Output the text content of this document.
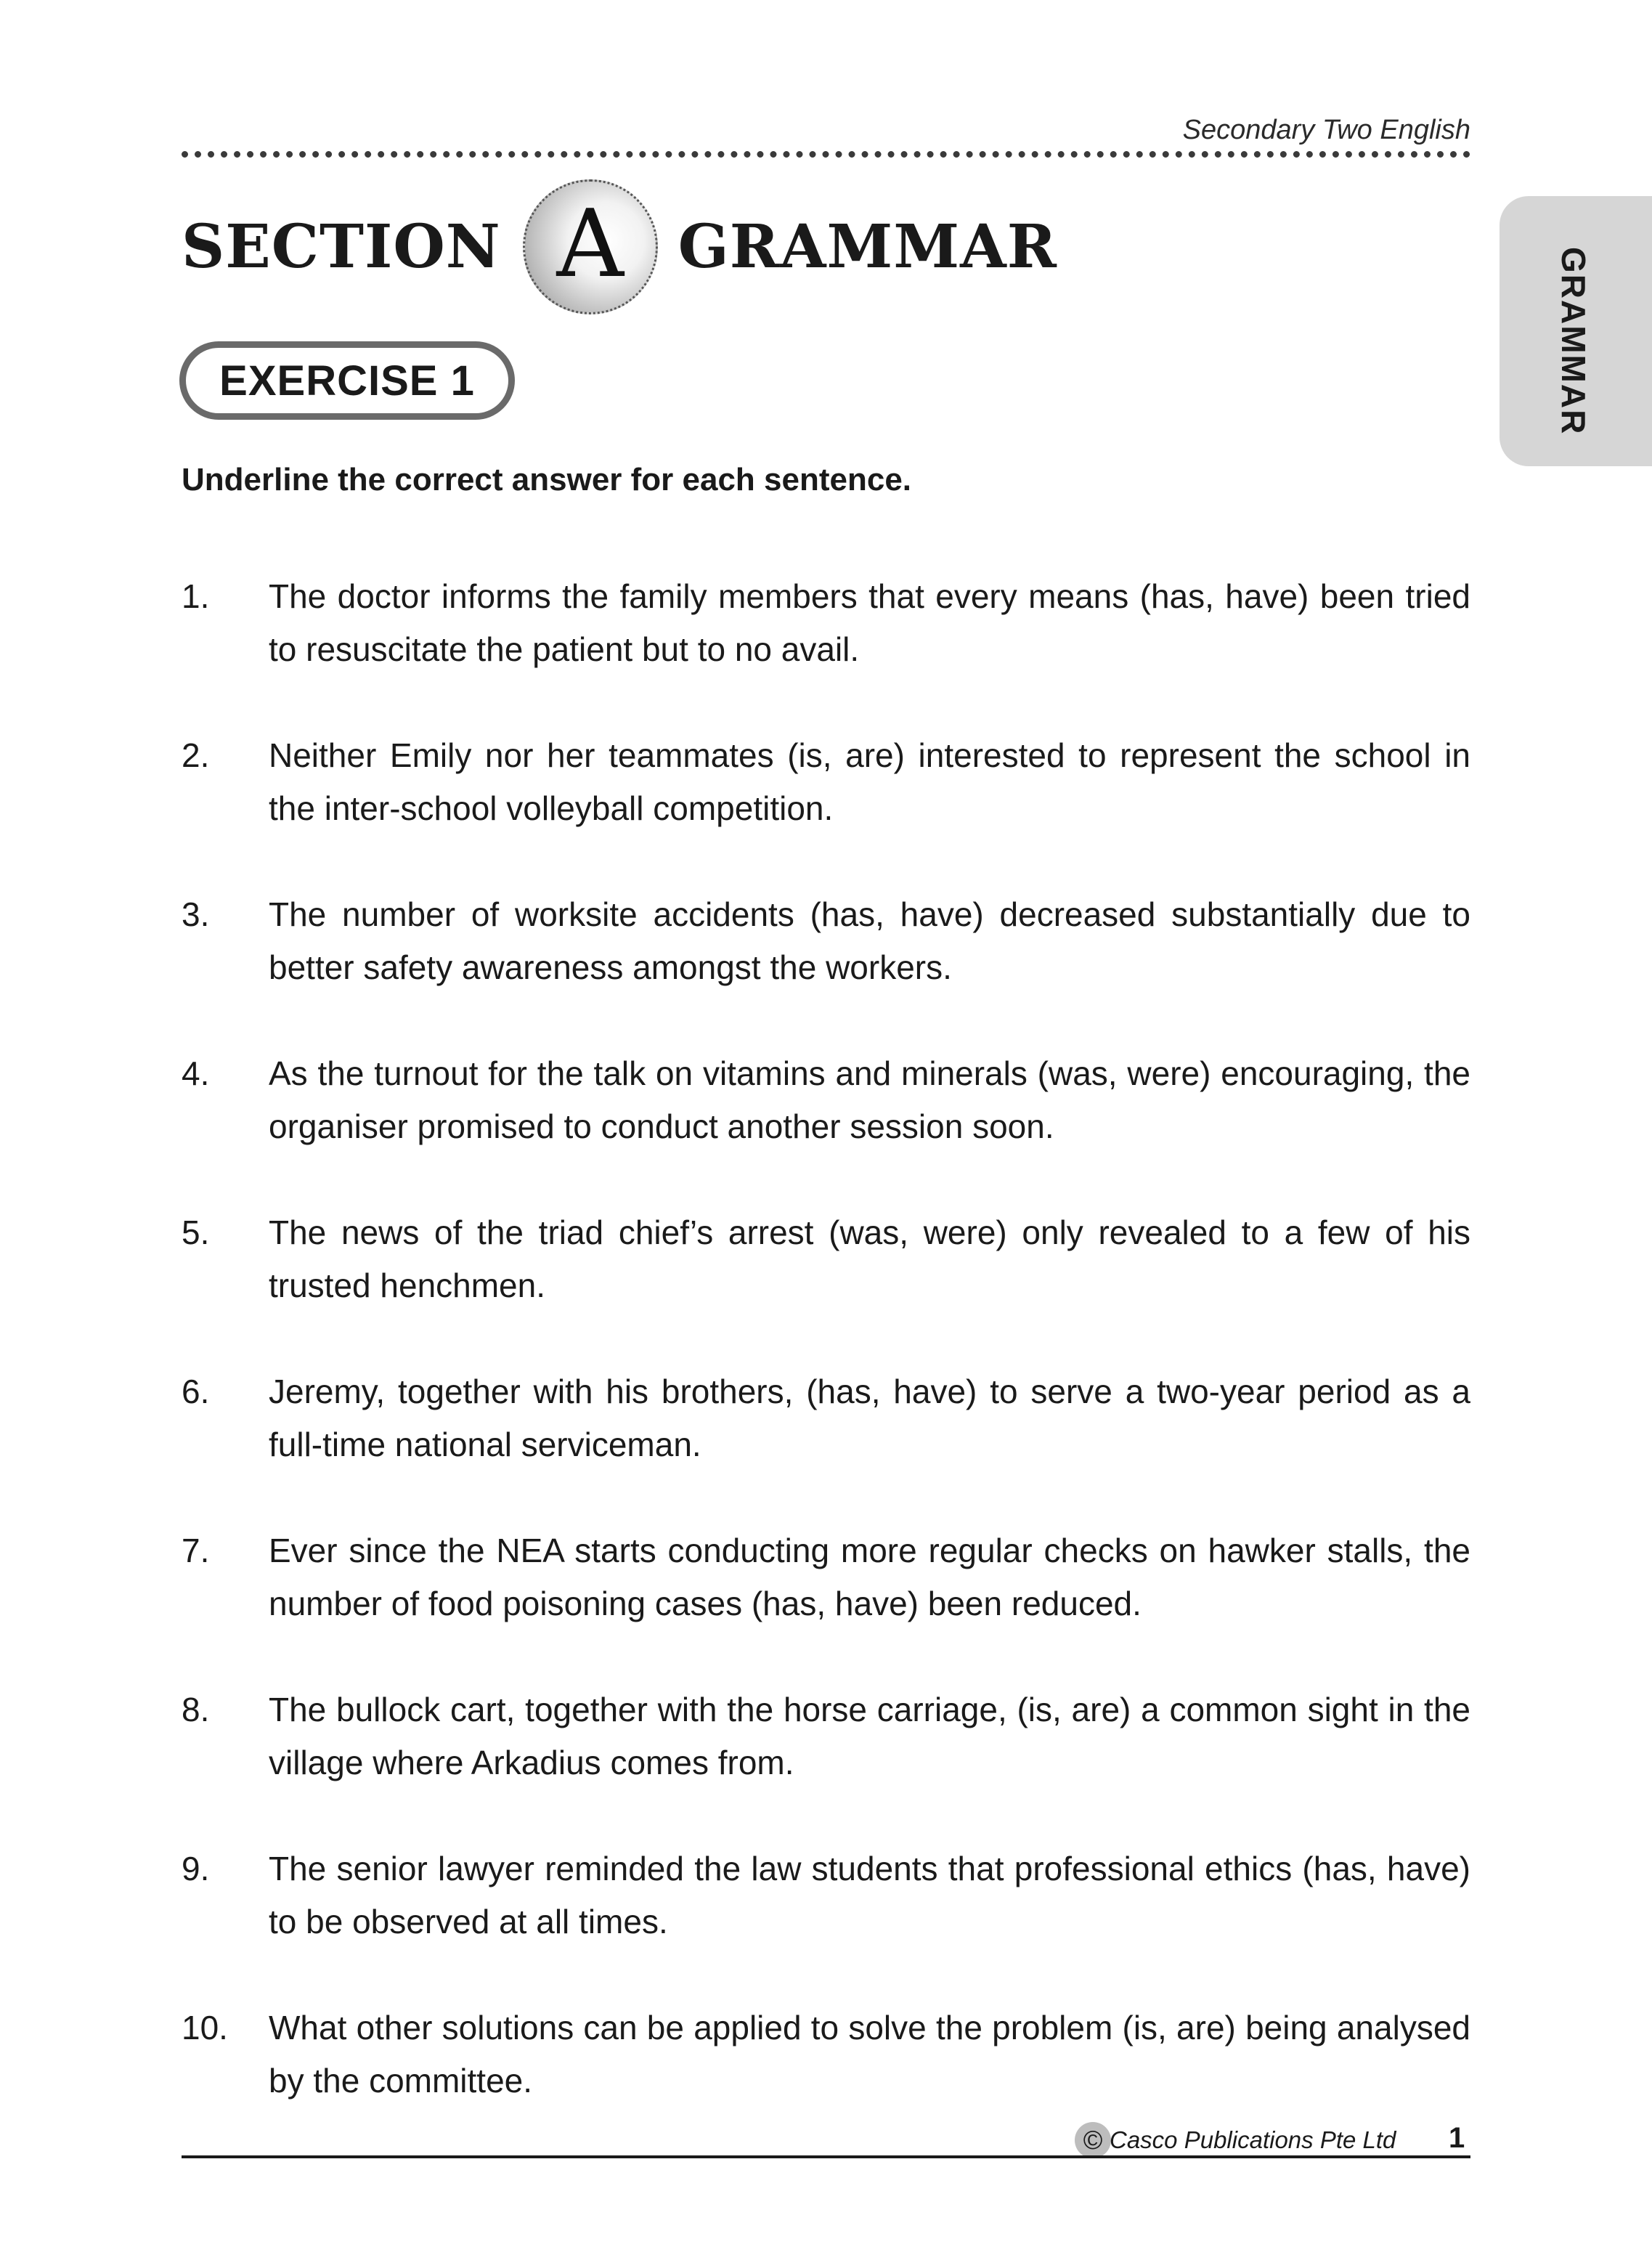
Secondary Two English
SECTION A GRAMMAR	GRAMMAR
EXERCISE 1
Underline the correct answer for each sentence.
1. The doctor informs the family members that every means (has, have) been tried to resuscitate the patient but to no avail.
2. Neither Emily nor her teammates (is, are) interested to represent the school in the inter-school volleyball competition.
3. The number of worksite accidents (has, have) decreased substantially due to better safety awareness amongst the workers.
4. As the turnout for the talk on vitamins and minerals (was, were) encouraging, the organiser promised to conduct another session soon.
5. The news of the triad chief’s arrest (was, were) only revealed to a few of his trusted henchmen.
6. Jeremy, together with his brothers, (has, have) to serve a two-year period as a full-time national serviceman.
7. Ever since the NEA starts conducting more regular checks on hawker stalls, the number of food poisoning cases (has, have) been reduced.
8. The bullock cart, together with the horse carriage, (is, are) a common sight in the village where Arkadius comes from.
9. The senior lawyer reminded the law students that professional ethics (has, have) to be observed at all times.
10. What other solutions can be applied to solve the problem (is, are) being analysed by the committee.
© Casco Publications Pte Ltd 1
